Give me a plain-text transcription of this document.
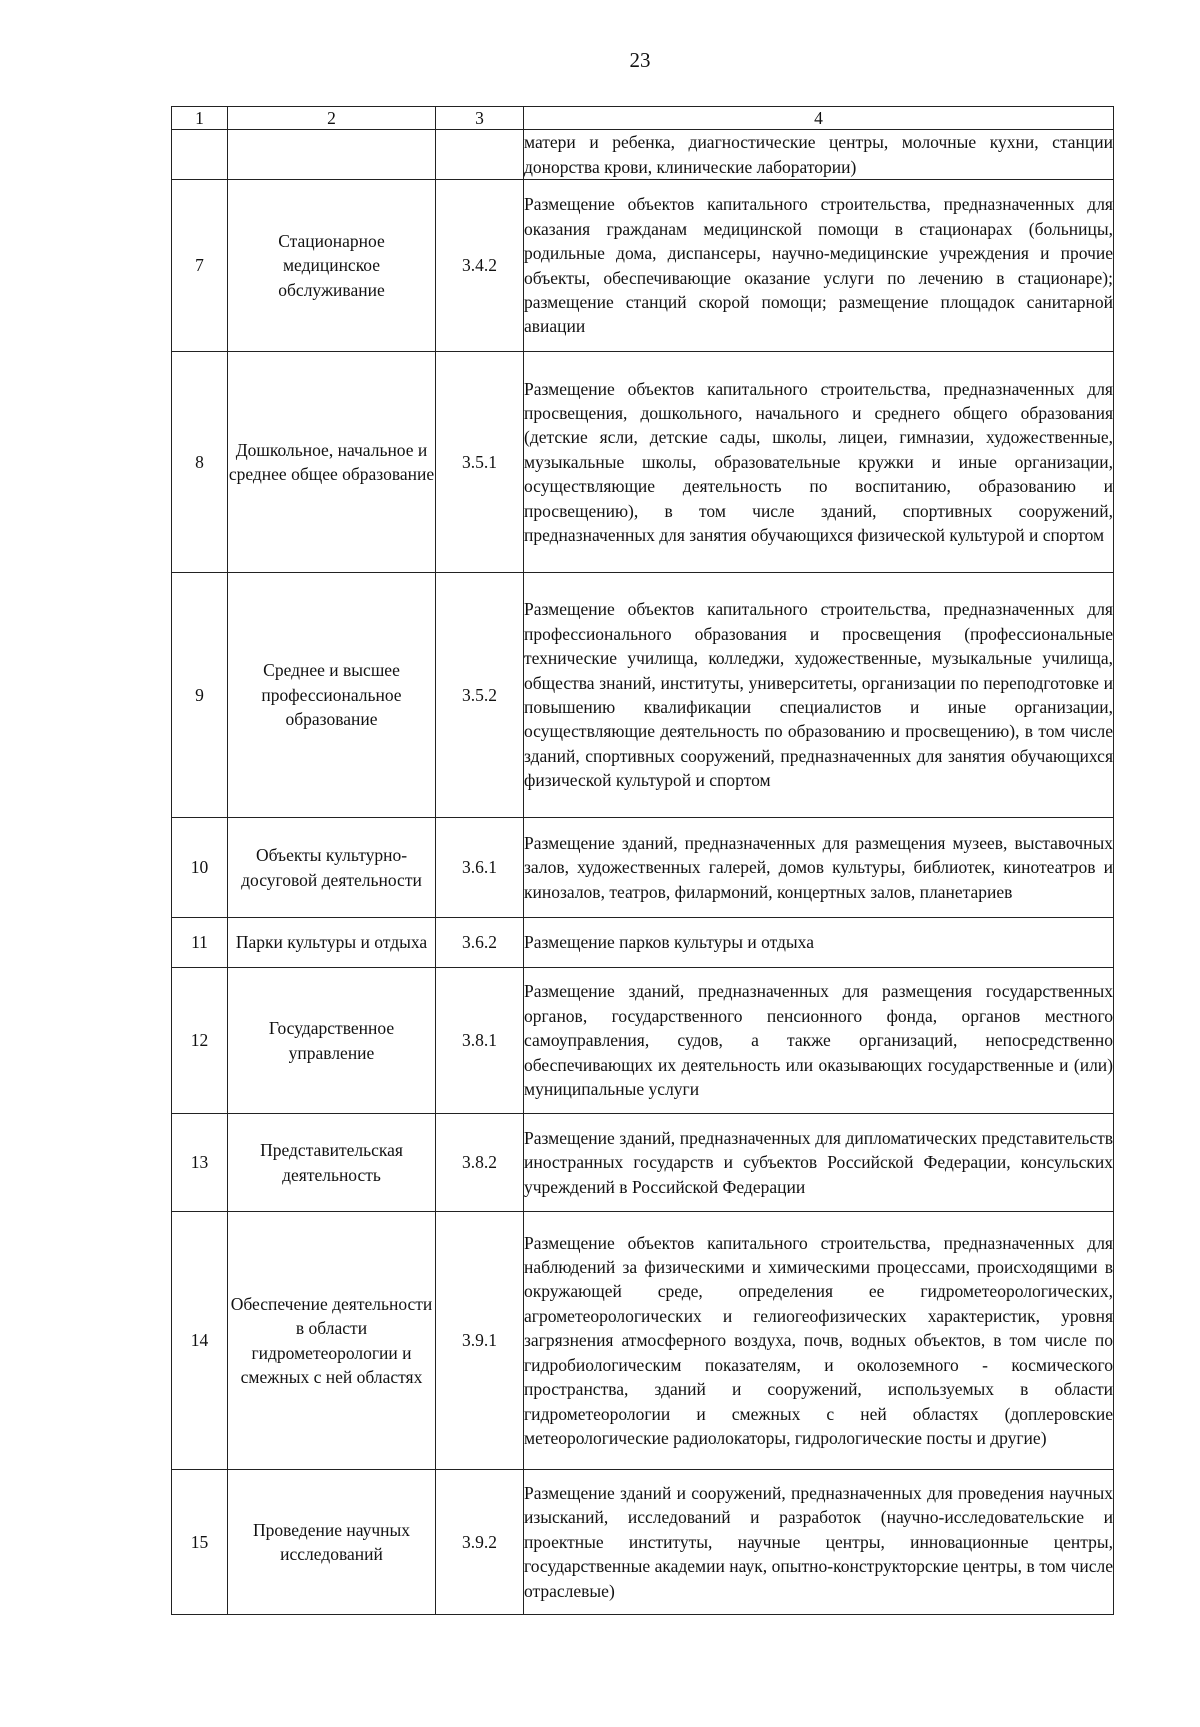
23
1	2	3	4
			матери и ребенка, диагностические центры, молочные кухни, станции донорства крови, клинические лаборатории)
7	Стационарное медицинское обслуживание	3.4.2	Размещение объектов капитального строительства, предназначенных для оказания гражданам медицинской помощи в стационарах (больницы, родильные дома, диспансеры, научно-медицинские учреждения и прочие объекты, обеспечивающие оказание услуги по лечению в стационаре); размещение станций скорой помощи; размещение площадок санитарной авиации
8	Дошкольное, начальное и среднее общее образование	3.5.1	Размещение объектов капитального строительства, предназначенных для просвещения, дошкольного, начального и среднего общего образования (детские ясли, детские сады, школы, лицеи, гимназии, художественные, музыкальные школы, образовательные кружки и иные организации, осуществляющие деятельность по воспитанию, образованию и просвещению), в том числе зданий, спортивных сооружений, предназначенных для занятия обучающихся физической культурой и спортом
9	Среднее и высшее профессиональное образование	3.5.2	Размещение объектов капитального строительства, предназначенных для профессионального образования и просвещения (профессиональные технические училища, колледжи, художественные, музыкальные училища, общества знаний, институты, университеты, организации по переподготовке и повышению квалификации специалистов и иные организации, осуществляющие деятельность по образованию и просвещению), в том числе зданий, спортивных сооружений, предназначенных для занятия обучающихся физической культурой и спортом
10	Объекты культурно-досуговой деятельности	3.6.1	Размещение зданий, предназначенных для размещения музеев, выставочных залов, художественных галерей, домов культуры, библиотек, кинотеатров и кинозалов, театров, филармоний, концертных залов, планетариев
11	Парки культуры и отдыха	3.6.2	Размещение парков культуры и отдыха
12	Государственное управление	3.8.1	Размещение зданий, предназначенных для размещения государственных органов, государственного пенсионного фонда, органов местного самоуправления, судов, а также организаций, непосредственно обеспечивающих их деятельность или оказывающих государственные и (или) муниципальные услуги
13	Представительская деятельность	3.8.2	Размещение зданий, предназначенных для дипломатических представительств иностранных государств и субъектов Российской Федерации, консульских учреждений в Российской Федерации
14	Обеспечение деятельности в области гидрометеорологии и смежных с ней областях	3.9.1	Размещение объектов капитального строительства, предназначенных для наблюдений за физическими и химическими процессами, происходящими в окружающей среде, определения ее гидрометеорологических, агрометеорологических и гелиогеофизических характеристик, уровня загрязнения атмосферного воздуха, почв, водных объектов, в том числе по гидробиологическим показателям, и околоземного - космического пространства, зданий и сооружений, используемых в области гидрометеорологии и смежных с ней областях (доплеровские метеорологические радиолокаторы, гидрологические посты и другие)
15	Проведение научных исследований	3.9.2	Размещение зданий и сооружений, предназначенных для проведения научных изысканий, исследований и разработок (научно-исследовательские и проектные институты, научные центры, инновационные центры, государственные академии наук, опытно-конструкторские центры, в том числе отраслевые)
